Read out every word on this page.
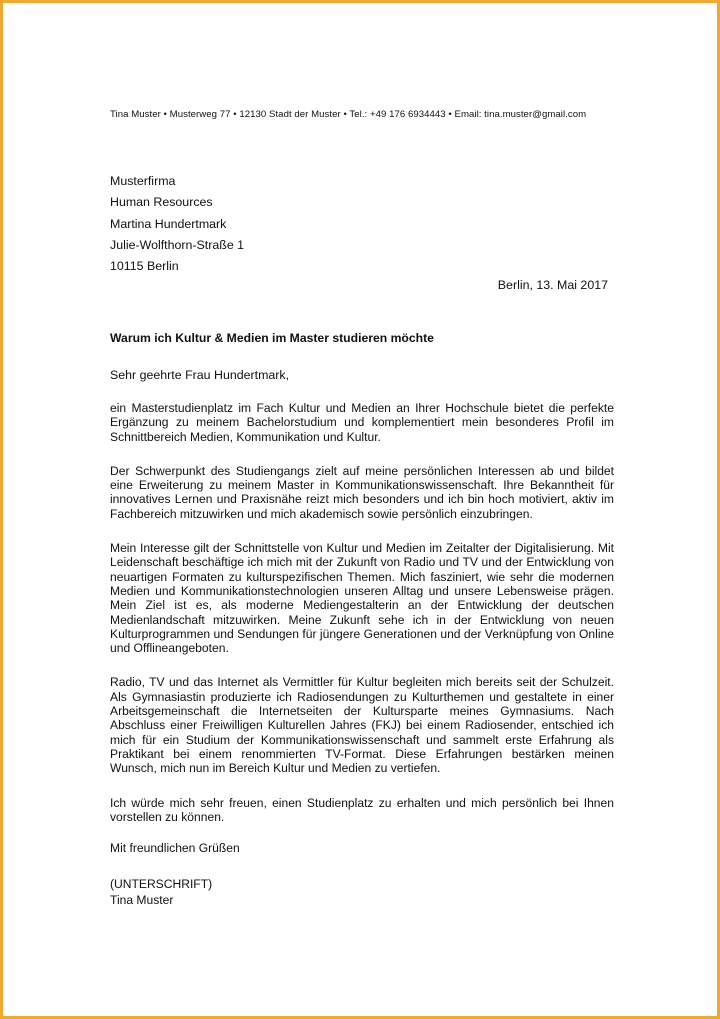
Tina Muster • Musterweg 77 • 12130 Stadt der Muster • Tel.: +49 176 6934443 • Email: tina.muster@gmail.com
Musterfirma
Human Resources
Martina Hundertmark
Julie-Wolfthorn-Straße 1
10115 Berlin
Berlin, 13. Mai 2017
Warum ich Kultur & Medien im Master studieren möchte
Sehr geehrte Frau Hundertmark,

ein Masterstudienplatz im Fach Kultur und Medien an Ihrer Hochschule bietet die perfekte Ergänzung zu meinem Bachelorstudium und komplementiert mein besonderes Profil im Schnittbereich Medien, Kommunikation und Kultur.

Der Schwerpunkt des Studiengangs zielt auf meine persönlichen Interessen ab und bildet eine Erweiterung zu meinem Master in Kommunikationswissenschaft. Ihre Bekanntheit für innovatives Lernen und Praxisnähe reizt mich besonders und ich bin hoch motiviert, aktiv im Fachbereich mitzuwirken und mich akademisch sowie persönlich einzubringen.

Mein Interesse gilt der Schnittstelle von Kultur und Medien im Zeitalter der Digitalisierung. Mit Leidenschaft beschäftige ich mich mit der Zukunft von Radio und TV und der Entwicklung von neuartigen Formaten zu kulturspezifischen Themen. Mich fasziniert, wie sehr die modernen Medien und Kommunikationstechnologien unseren Alltag und unsere Lebensweise prägen. Mein Ziel ist es, als moderne Mediengestalterin an der Entwicklung der deutschen Medienlandschaft mitzuwirken. Meine Zukunft sehe ich in der Entwicklung von neuen Kulturprogrammen und Sendungen für jüngere Generationen und der Verknüpfung von Online und Offlineangeboten.

Radio, TV und das Internet als Vermittler für Kultur begleiten mich bereits seit der Schulzeit. Als Gymnasiastin produzierte ich Radiosendungen zu Kulturthemen und gestaltete in einer Arbeitsgemeinschaft die Internetseiten der Kultursparte meines Gymnasiums. Nach Abschluss einer Freiwilligen Kulturellen Jahres (FKJ) bei einem Radiosender, entschied ich mich für ein Studium der Kommunikationswissenschaft und sammelt erste Erfahrung als Praktikant bei einem renommierten TV-Format. Diese Erfahrungen bestärken meinen Wunsch, mich nun im Bereich Kultur und Medien zu vertiefen.

Ich würde mich sehr freuen, einen Studienplatz zu erhalten und mich persönlich bei Ihnen vorstellen zu können.

Mit freundlichen Grüßen
(UNTERSCHRIFT)
Tina Muster
